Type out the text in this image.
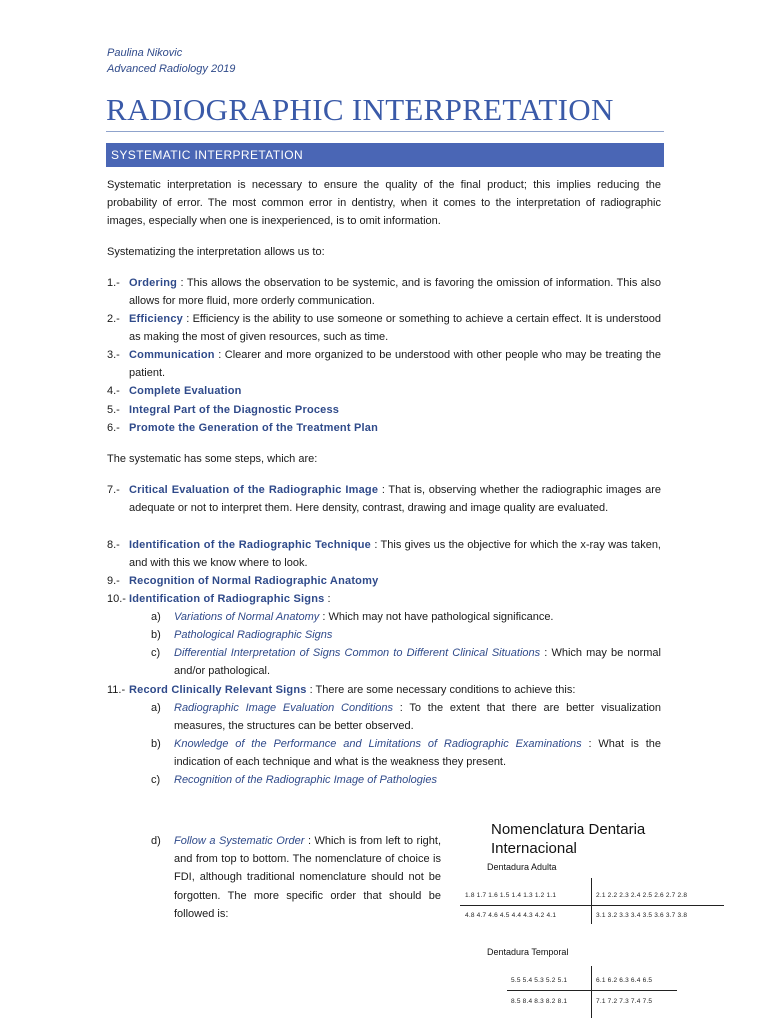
Paulina Nikovic
Advanced Radiology 2019
RADIOGRAPHIC INTERPRETATION
SYSTEMATIC INTERPRETATION
Systematic interpretation is necessary to ensure the quality of the final product; this implies reducing the probability of error. The most common error in dentistry, when it comes to the interpretation of radiographic images, especially when one is inexperienced, is to omit information.
Systematizing the interpretation allows us to:
1.- Ordering : This allows the observation to be systemic, and is favoring the omission of information. This also allows for more fluid, more orderly communication.
2.- Efficiency : Efficiency is the ability to use someone or something to achieve a certain effect. It is understood as making the most of given resources, such as time.
3.- Communication : Clearer and more organized to be understood with other people who may be treating the patient.
4.- Complete Evaluation
5.- Integral Part of the Diagnostic Process
6.- Promote the Generation of the Treatment Plan
The systematic has some steps, which are:
7.- Critical Evaluation of the Radiographic Image : That is, observing whether the radiographic images are adequate or not to interpret them. Here density, contrast, drawing and image quality are evaluated.
8.- Identification of the Radiographic Technique : This gives us the objective for which the x-ray was taken, and with this we know where to look.
9.- Recognition of Normal Radiographic Anatomy
10.- Identification of Radiographic Signs :
a) Variations of Normal Anatomy : Which may not have pathological significance.
b) Pathological Radiographic Signs
c) Differential Interpretation of Signs Common to Different Clinical Situations : Which may be normal and/or pathological.
11.- Record Clinically Relevant Signs : There are some necessary conditions to achieve this:
a) Radiographic Image Evaluation Conditions : To the extent that there are better visualization measures, the structures can be better observed.
b) Knowledge of the Performance and Limitations of Radiographic Examinations : What is the indication of each technique and what is the weakness they present.
c) Recognition of the Radiographic Image of Pathologies
d) Follow a Systematic Order : Which is from left to right, and from top to bottom. The nomenclature of choice is FDI, although traditional nomenclature should not be forgotten. The more specific order that should be followed is:
Nomenclatura Dentaria Internacional
Dentadura Adulta
1.8 1.7 1.6 1.5 1.4 1.3 1.2 1.1	2.1 2.2 2.3 2.4 2.5 2.6 2.7 2.8
4.8 4.7 4.6 4.5 4.4 4.3 4.2 4.1	3.1 3.2 3.3 3.4 3.5 3.6 3.7 3.8
Dentadura Temporal
5.5 5.4 5.3 5.2 5.1	6.1 6.2 6.3 6.4 6.5
8.5 8.4 8.3 8.2 8.1	7.1 7.2 7.3 7.4 7.5
